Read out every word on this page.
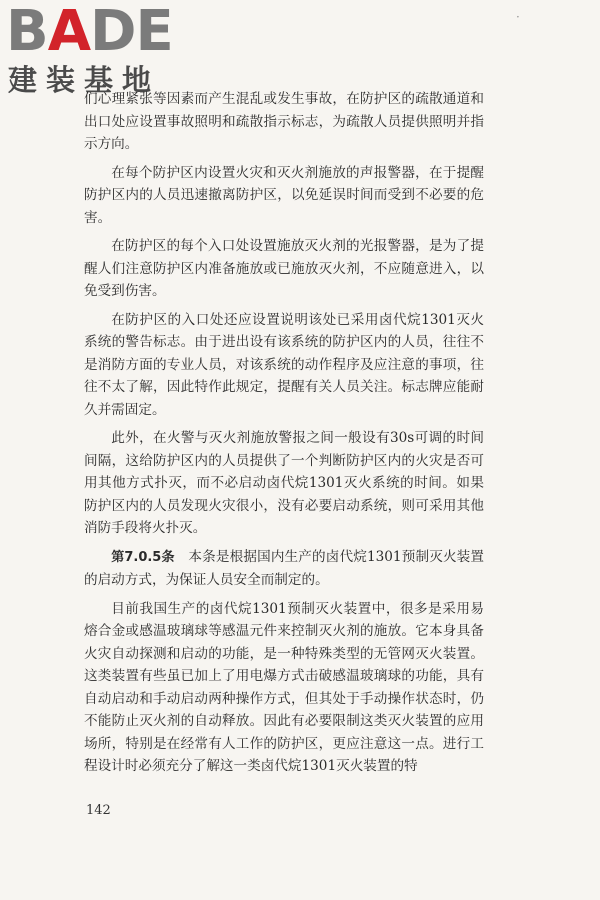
BADE
建装基地
·

们心理紧张等因素而产生混乱或发生事故，在防护区的疏散通道和出口处应设置事故照明和疏散指示标志，为疏散人员提供照明并指示方向。

在每个防护区内设置火灾和灭火剂施放的声报警器，在于提醒防护区内的人员迅速撤离防护区，以免延误时间而受到不必要的危害。

在防护区的每个入口处设置施放灭火剂的光报警器，是为了提醒人们注意防护区内准备施放或已施放灭火剂，不应随意进入，以免受到伤害。

在防护区的入口处还应设置说明该处已采用卤代烷1301灭火系统的警告标志。由于进出设有该系统的防护区内的人员，往往不是消防方面的专业人员，对该系统的动作程序及应注意的事项，往往不太了解，因此特作此规定，提醒有关人员关注。标志牌应能耐久并需固定。

此外，在火警与灭火剂施放警报之间一般设有30s可调的时间间隔，这给防护区内的人员提供了一个判断防护区内的火灾是否可用其他方式扑灭，而不必启动卤代烷1301灭火系统的时间。如果防护区内的人员发现火灾很小，没有必要启动系统，则可采用其他消防手段将火扑灭。

第7.0.5条　 本条是根据国内生产的卤代烷1301预制灭火装置的启动方式，为保证人员安全而制定的。

目前我国生产的卤代烷1301预制灭火装置中，很多是采用易熔合金或感温玻璃球等感温元件来控制灭火剂的施放。它本身具备火灾自动探测和启动的功能，是一种特殊类型的无管网灭火装置。这类装置有些虽已加上了用电爆方式击破感温玻璃球的功能，具有自动启动和手动启动两种操作方式，但其处于手动操作状态时，仍不能防止灭火剂的自动释放。因此有必要限制这类灭火装置的应用场所，特别是在经常有人工作的防护区，更应注意这一点。进行工程设计时必须充分了解这一类卤代烷1301灭火装置的特

142
